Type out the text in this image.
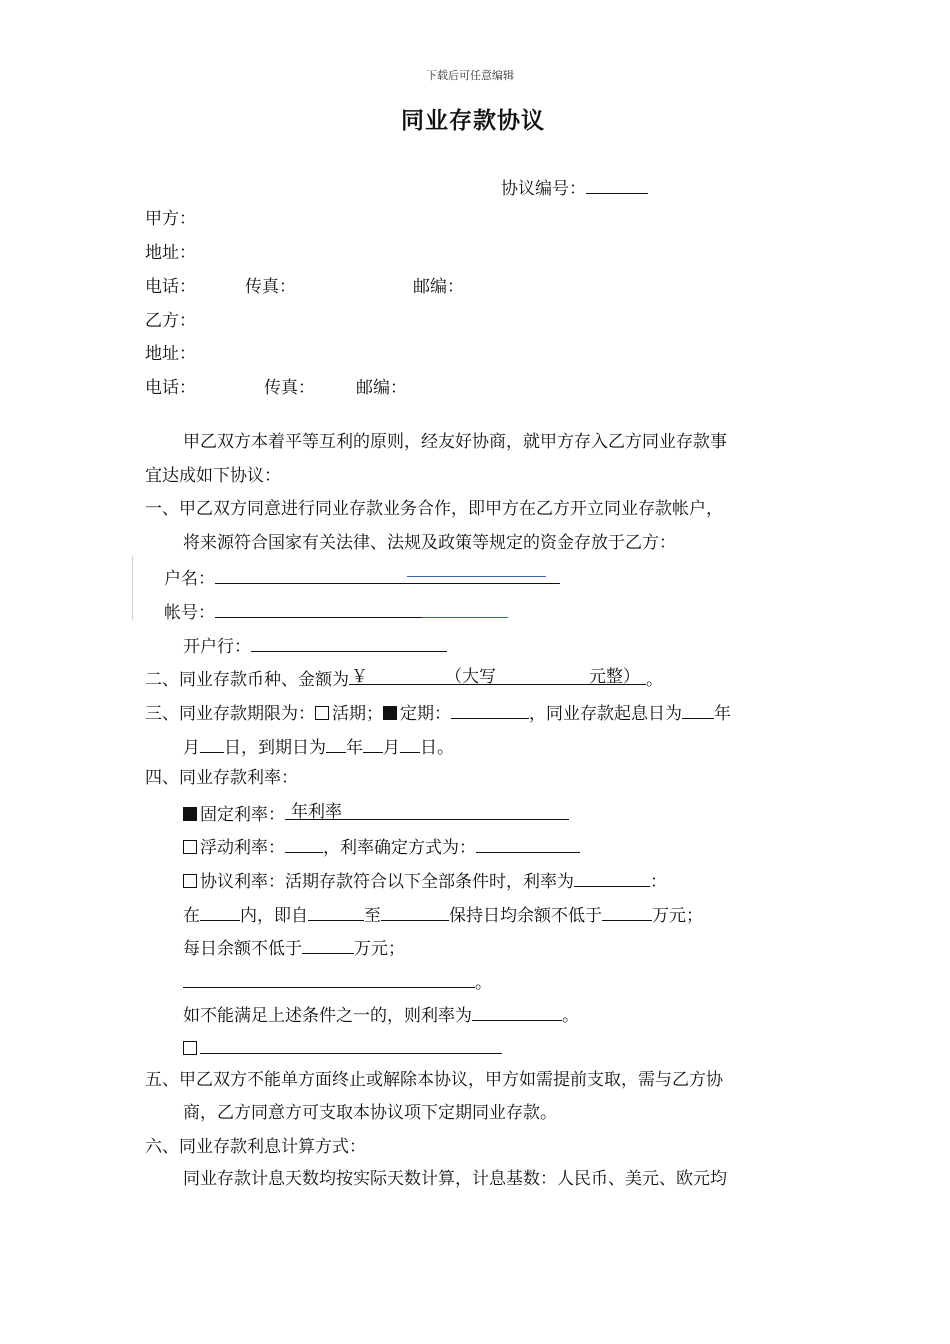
下载后可任意编辑
同业存款协议
协议编号：
甲方：
地址：
电话：	传真：	邮编：
乙方：
地址：
电话：	传真： 邮编：
甲乙双方本着平等互利的原则，经友好协商，就甲方存入乙方同业存款事
宜达成如下协议：
一、甲乙双方同意进行同业存款业务合作，即甲方在乙方开立同业存款帐户，
将来源符合国家有关法律、法规及政策等规定的资金存放于乙方：
户名：
帐号：
开户行：
二、同业存款币种、金额为 ￥	（大写	元整） 。
三、同业存款期限为： 活期； 定期：	，同业存款起息日为 年
月 日，到期日为 年 月 日。
四、同业存款利率：
固定利率： 年利率
浮动利率： ，利率确定方式为：
协议利率：活期存款符合以下全部条件时，利率为	：
在 内，即自	至	保持日均余额不低于	万元；
每日余额不低于	万元；
。
如不能满足上述条件之一的，则利率为	。
五、甲乙双方不能单方面终止或解除本协议，甲方如需提前支取，需与乙方协
商，乙方同意方可支取本协议项下定期同业存款。
六、同业存款利息计算方式：
同业存款计息天数均按实际天数计算，计息基数：人民币、美元、欧元均
